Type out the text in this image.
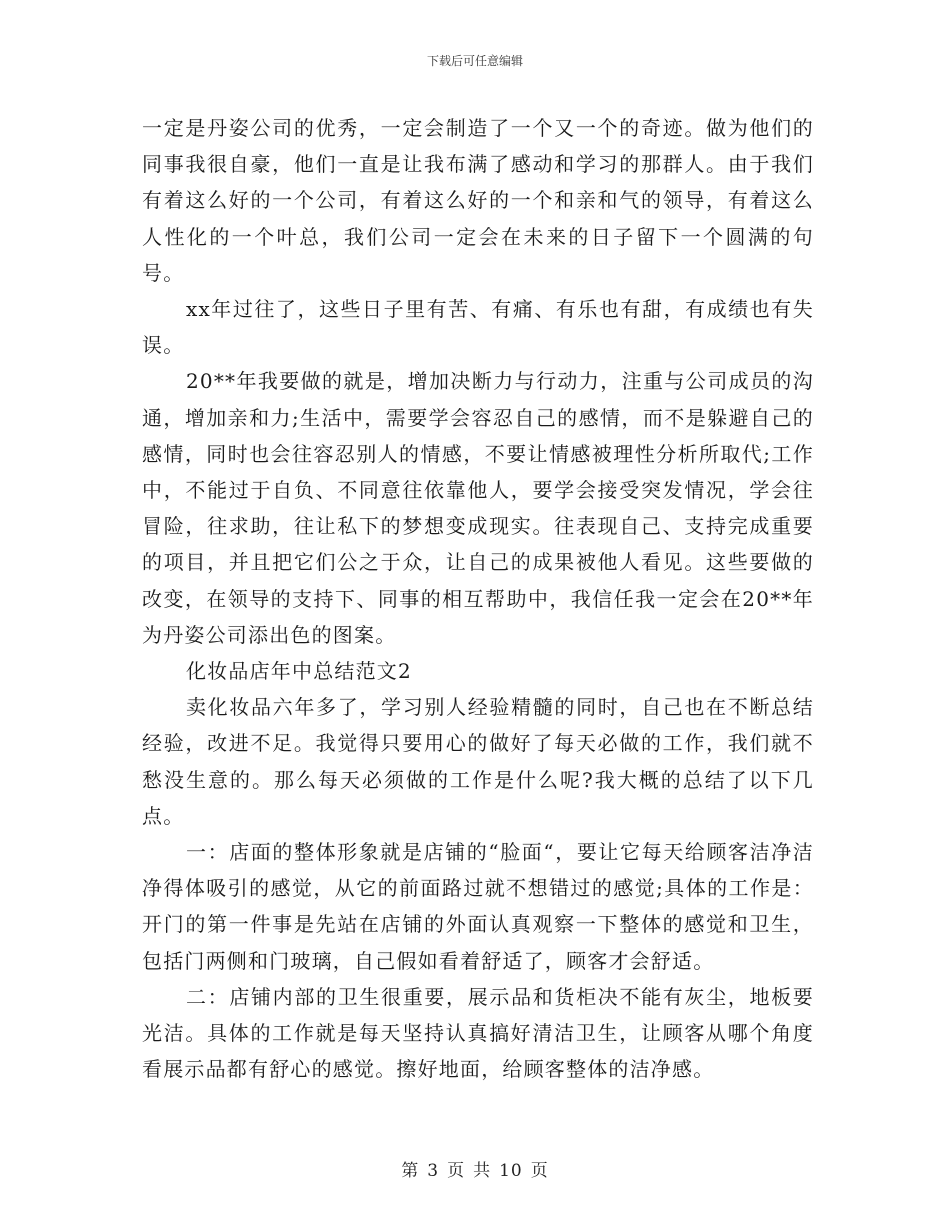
下载后可任意编辑

一定是丹姿公司的优秀，一定会制造了一个又一个的奇迹。做为他们的同事我很自豪，他们一直是让我布满了感动和学习的那群人。由于我们有着这么好的一个公司，有着这么好的一个和亲和气的领导，有着这么人性化的一个叶总，我们公司一定会在未来的日子留下一个圆满的句号。

xx年过往了，这些日子里有苦、有痛、有乐也有甜，有成绩也有失误。

20**年我要做的就是，增加决断力与行动力，注重与公司成员的沟通，增加亲和力;生活中，需要学会容忍自己的感情，而不是躲避自己的感情，同时也会往容忍别人的情感，不要让情感被理性分析所取代;工作中，不能过于自负、不同意往依靠他人，要学会接受突发情况，学会往冒险，往求助，往让私下的梦想变成现实。往表现自己、支持完成重要的项目，并且把它们公之于众，让自己的成果被他人看见。这些要做的改变，在领导的支持下、同事的相互帮助中，我信任我一定会在20**年为丹姿公司添出色的图案。

化妆品店年中总结范文2

卖化妆品六年多了，学习别人经验精髓的同时，自己也在不断总结经验，改进不足。我觉得只要用心的做好了每天必做的工作，我们就不愁没生意的。那么每天必须做的工作是什么呢?我大概的总结了以下几点。

一：店面的整体形象就是店铺的“脸面“，要让它每天给顾客洁净洁净得体吸引的感觉，从它的前面路过就不想错过的感觉;具体的工作是：开门的第一件事是先站在店铺的外面认真观察一下整体的感觉和卫生，包括门两侧和门玻璃，自己假如看着舒适了，顾客才会舒适。

二：店铺内部的卫生很重要，展示品和货柜决不能有灰尘，地板要光洁。具体的工作就是每天坚持认真搞好清洁卫生，让顾客从哪个角度看展示品都有舒心的感觉。擦好地面，给顾客整体的洁净感。

第 3 页 共 10 页
